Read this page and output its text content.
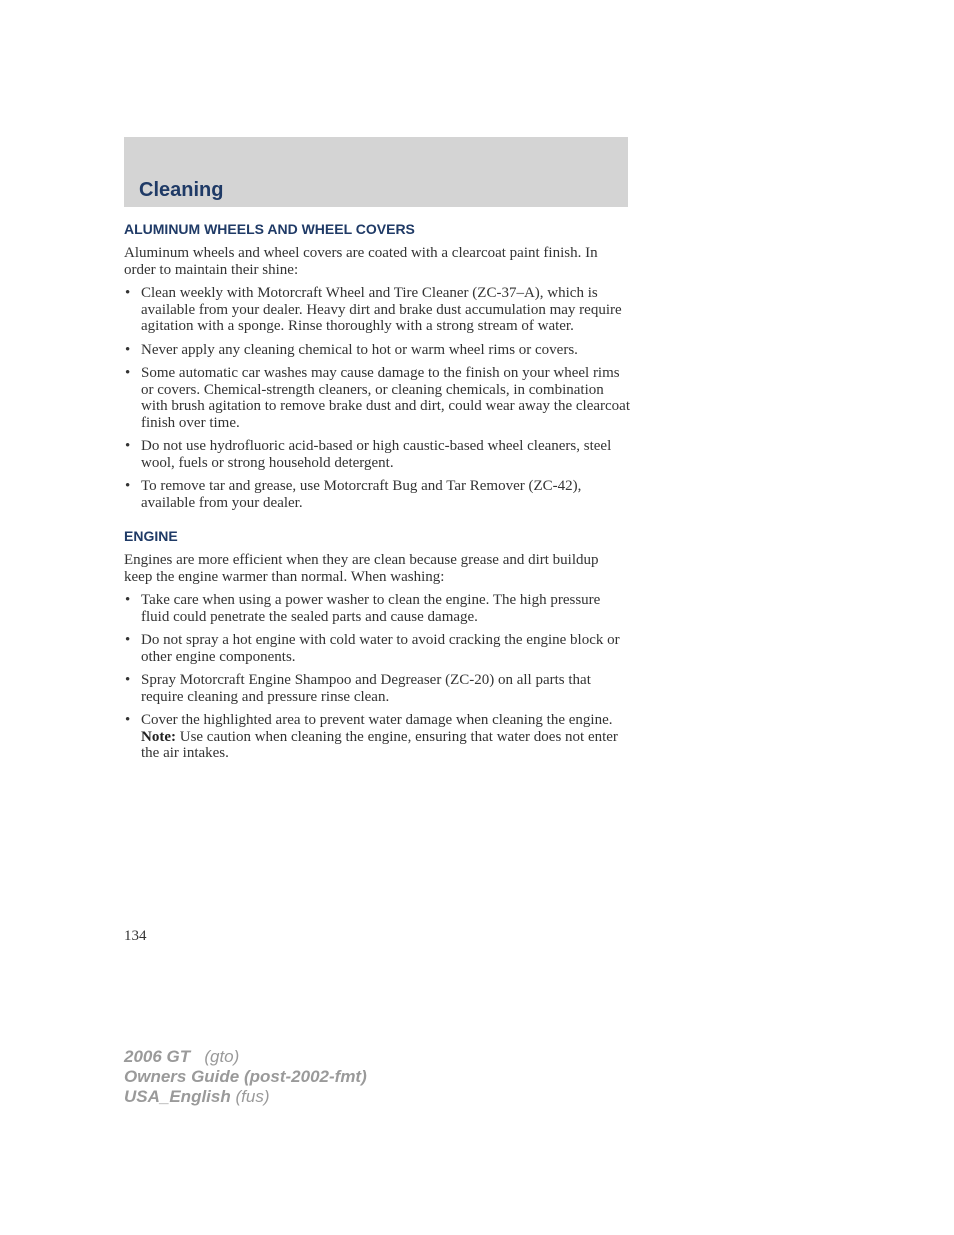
Cleaning
ALUMINUM WHEELS AND WHEEL COVERS

Aluminum wheels and wheel covers are coated with a clearcoat paint finish. In order to maintain their shine:

• Clean weekly with Motorcraft Wheel and Tire Cleaner (ZC-37–A), which is available from your dealer. Heavy dirt and brake dust accumulation may require agitation with a sponge. Rinse thoroughly with a strong stream of water.
• Never apply any cleaning chemical to hot or warm wheel rims or covers.
• Some automatic car washes may cause damage to the finish on your wheel rims or covers. Chemical-strength cleaners, or cleaning chemicals, in combination with brush agitation to remove brake dust and dirt, could wear away the clearcoat finish over time.
• Do not use hydrofluoric acid-based or high caustic-based wheel cleaners, steel wool, fuels or strong household detergent.
• To remove tar and grease, use Motorcraft Bug and Tar Remover (ZC-42), available from your dealer.
ENGINE

Engines are more efficient when they are clean because grease and dirt buildup keep the engine warmer than normal. When washing:

• Take care when using a power washer to clean the engine. The high pressure fluid could penetrate the sealed parts and cause damage.
• Do not spray a hot engine with cold water to avoid cracking the engine block or other engine components.
• Spray Motorcraft Engine Shampoo and Degreaser (ZC-20) on all parts that require cleaning and pressure rinse clean.
• Cover the highlighted area to prevent water damage when cleaning the engine. Note: Use caution when cleaning the engine, ensuring that water does not enter the air intakes.
134
2006 GT (gto)
Owners Guide (post-2002-fmt)
USA_English (fus)
